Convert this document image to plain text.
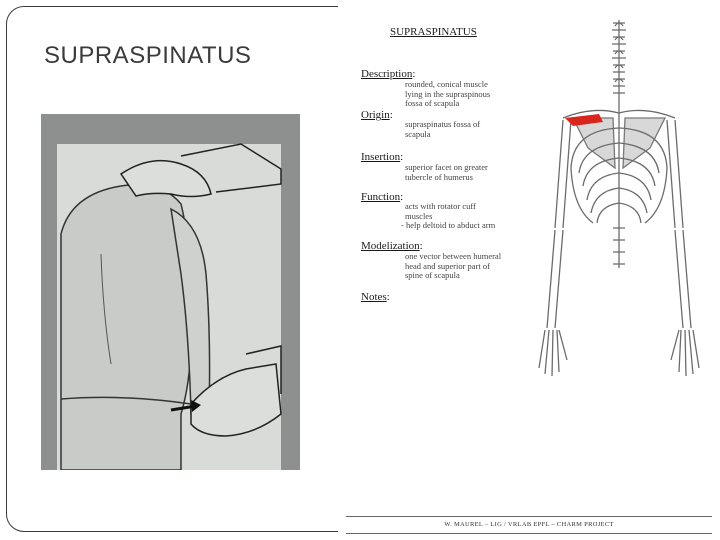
SUPRASPINATUS
SUPRASPINATUS
Description:
rounded, conical muscle
lying in the supraspinous
fossa of scapula
Origin:
supraspinatus fossa of
scapula
Insertion:
superior facet on greater
tubercle of humerus
Function:
acts with rotator cuff
muscles
- help deltoid to abduct arm
Modelization:
one vector between humeral
head and superior part of
spine of scapula
Notes:
W. MAUREL – LIG / VRLAB EPFL – CHARM PROJECT
